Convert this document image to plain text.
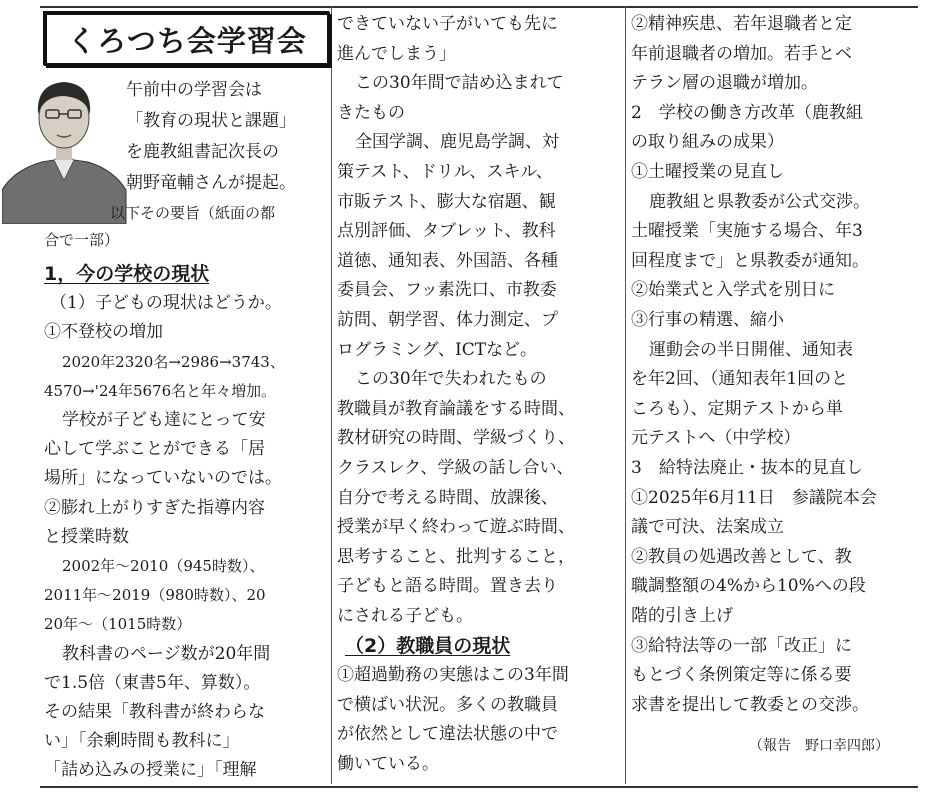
くろつち会学習会
午前中の学習会は
「教育の現状と課題」
を鹿教組書記次長の
朝野竜輔さんが提起。
以下その要旨（紙面の都
合で一部）
1，今の学校の現状
（1）子どもの現状はどうか。
①不登校の増加
2020年2320名→2986→3743、
4570→'24年5676名と年々増加。
学校が子ども達にとって安
心して学ぶことができる「居
場所」になっていないのでは。
②膨れ上がりすぎた指導内容
と授業時数
2002年～2010（945時数）、
2011年～2019（980時数）、20
20年～（1015時数）
教科書のページ数が20年間
で1.5倍（東書5年、算数）。
その結果「教科書が終わらな
い」「余剰時間も教科に」
「詰め込みの授業に」「理解
できていない子がいても先に
進んでしまう」
この30年間で詰め込まれて
きたもの
全国学調、鹿児島学調、対
策テスト、ドリル、スキル、
市販テスト、膨大な宿題、観
点別評価、タブレット、教科
道徳、通知表、外国語、各種
委員会、フッ素洗口、市教委
訪問、朝学習、体力測定、プ
ログラミング、ICTなど。
この30年で失われたもの
教職員が教育論議をする時間、
教材研究の時間、学級づくり、
クラスレク、学級の話し合い、
自分で考える時間、放課後、
授業が早く終わって遊ぶ時間、
思考すること、批判すること，
子どもと語る時間。置き去り
にされる子ども。
（2）教職員の現状
①超過勤務の実態はこの3年間
で横ばい状況。多くの教職員
が依然として違法状態の中で
働いている。
②精神疾患、若年退職者と定
年前退職者の増加。若手とベ
テラン層の退職が増加。
2　学校の働き方改革（鹿教組
の取り組みの成果）
①土曜授業の見直し
鹿教組と県教委が公式交渉。
土曜授業「実施する場合、年3
回程度まで」と県教委が通知。
②始業式と入学式を別日に
③行事の精選、縮小
運動会の半日開催、通知表
を年2回、（通知表年1回のと
ころも）、定期テストから単
元テストへ（中学校）
3　給特法廃止・抜本的見直し
①2025年6月11日　参議院本会
議で可決、法案成立
②教員の処遇改善として、教
職調整額の4%から10%への段
階的引き上げ
③給特法等の一部「改正」に
もとづく条例策定等に係る要
求書を提出して教委との交渉。
（報告　野口幸四郎）
